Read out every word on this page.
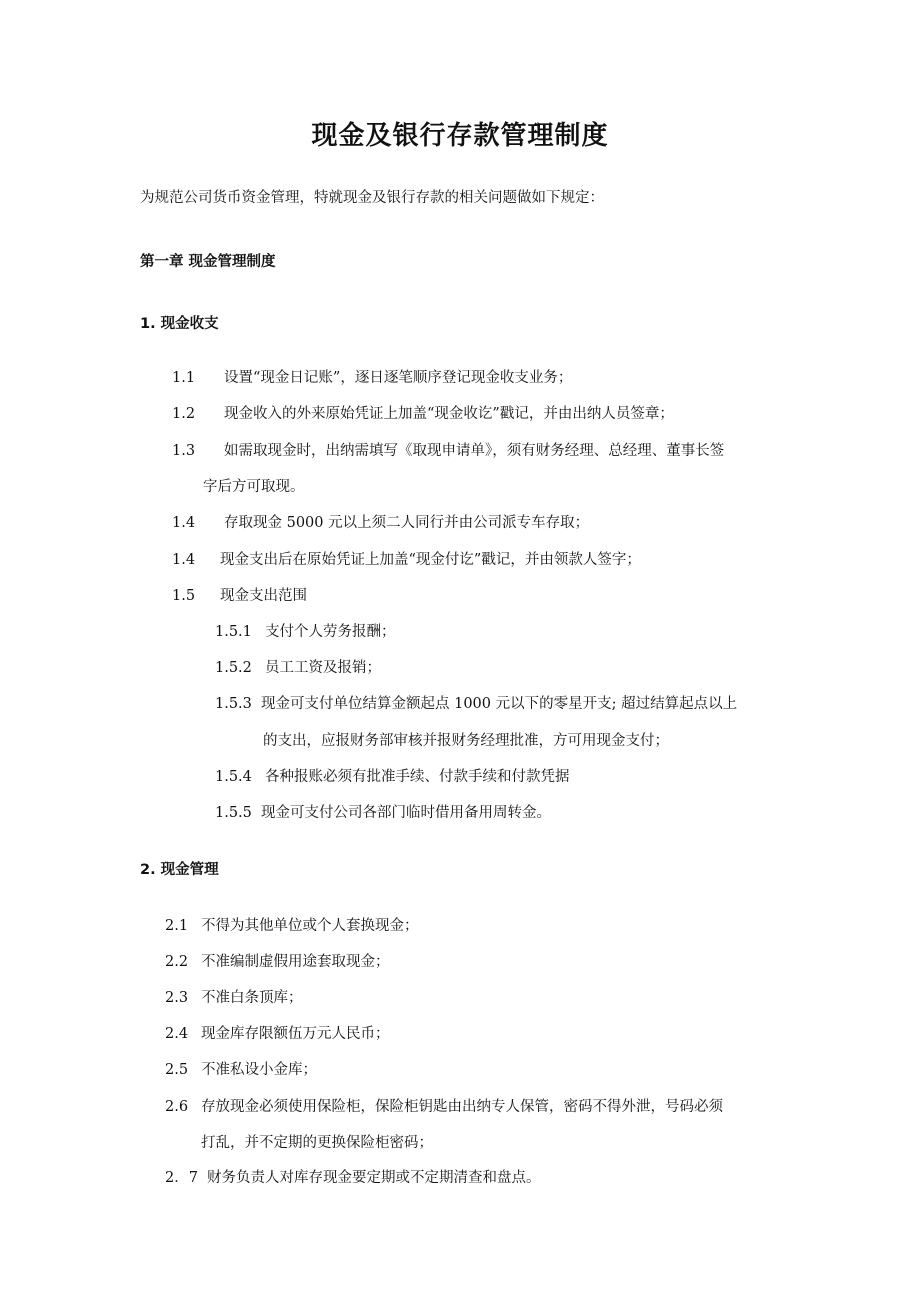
现金及银行存款管理制度
为规范公司货币资金管理，特就现金及银行存款的相关问题做如下规定：
第一章 现金管理制度
1. 现金收支
1.1 设置“现金日记账”，逐日逐笔顺序登记现金收支业务；
1.2 现金收入的外来原始凭证上加盖“现金收讫”戳记，并由出纳人员签章；
1.3 如需取现金时，出纳需填写《取现申请单》，须有财务经理、总经理、董事长签
字后方可取现。
1.4 存取现金 5000 元以上须二人同行并由公司派专车存取；
1.4 现金支出后在原始凭证上加盖“现金付讫”戳记，并由领款人签字；
1.5 现金支出范围
1.5.1 支付个人劳务报酬；
1.5.2 员工工资及报销；
1.5.3 现金可支付单位结算金额起点 1000 元以下的零星开支; 超过结算起点以上
的支出，应报财务部审核并报财务经理批准，方可用现金支付；
1.5.4 各种报账必须有批准手续、付款手续和付款凭据
1.5.5 现金可支付公司各部门临时借用备用周转金。
2. 现金管理
2.1 不得为其他单位或个人套换现金；
2.2 不准编制虚假用途套取现金；
2.3 不准白条顶库；
2.4 现金库存限额伍万元人民币；
2.5 不准私设小金库；
2.6 存放现金必须使用保险柜，保险柜钥匙由出纳专人保管，密码不得外泄，号码必须
打乱，并不定期的更换保险柜密码；
2．7 财务负责人对库存现金要定期或不定期清查和盘点。
